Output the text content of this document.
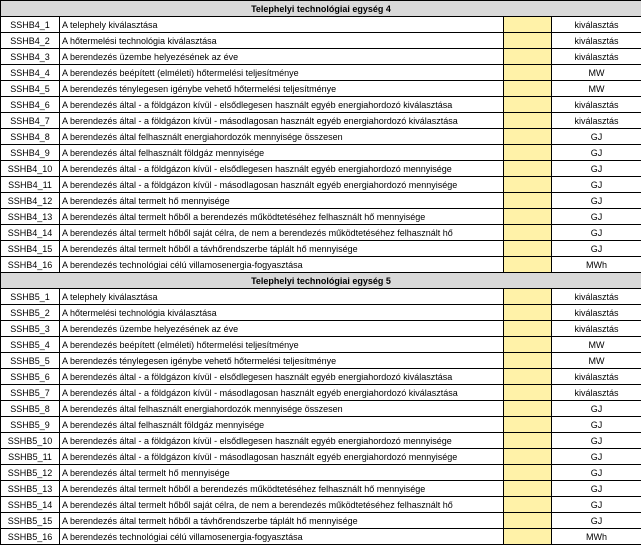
Telephelyi technológiai egység 4			
SSHB4_1	A telephely kiválasztása		kiválasztás
SSHB4_2	A hőtermelési technológia kiválasztása		kiválasztás
SSHB4_3	A berendezés üzembe helyezésének az éve		kiválasztás
SSHB4_4	A berendezés beépített (elméleti) hőtermelési teljesítménye		MW
SSHB4_5	A berendezés ténylegesen igénybe vehető hőtermelési teljesítménye		MW
SSHB4_6	A berendezés által - a földgázon kívül - elsődlegesen használt egyéb energiahordozó kiválasztása		kiválasztás
SSHB4_7	A berendezés által - a földgázon kívül - másodlagosan használt egyéb energiahordozó kiválasztása		kiválasztás
SSHB4_8	A berendezés által felhasznált energiahordozók mennyisége összesen		GJ
SSHB4_9	A berendezés által felhasznált földgáz mennyisége		GJ
SSHB4_10	A berendezés által - a földgázon kívül - elsődlegesen használt egyéb energiahordozó mennyisége		GJ
SSHB4_11	A berendezés által - a földgázon kívül - másodlagosan használt egyéb energiahordozó mennyisége		GJ
SSHB4_12	A berendezés által termelt hő mennyisége		GJ
SSHB4_13	A berendezés által termelt hőből a berendezés működtetéséhez felhasznált hő mennyisége		GJ
SSHB4_14	A berendezés által termelt hőből saját célra, de nem a berendezés működtetéséhez felhasznált hő		GJ
SSHB4_15	A berendezés által termelt hőből a távhőrendszerbe táplált hő mennyisége		GJ
SSHB4_16	A berendezés technológiai célú villamosenergia-fogyasztása		MWh
Telephelyi technológiai egység 5			
SSHB5_1	A telephely kiválasztása		kiválasztás
SSHB5_2	A hőtermelési technológia kiválasztása		kiválasztás
SSHB5_3	A berendezés üzembe helyezésének az éve		kiválasztás
SSHB5_4	A berendezés beépített (elméleti) hőtermelési teljesítménye		MW
SSHB5_5	A berendezés ténylegesen igénybe vehető hőtermelési teljesítménye		MW
SSHB5_6	A berendezés által - a földgázon kívül - elsődlegesen használt egyéb energiahordozó kiválasztása		kiválasztás
SSHB5_7	A berendezés által - a földgázon kívül - másodlagosan használt egyéb energiahordozó kiválasztása		kiválasztás
SSHB5_8	A berendezés által felhasznált energiahordozók mennyisége összesen		GJ
SSHB5_9	A berendezés által felhasznált földgáz mennyisége		GJ
SSHB5_10	A berendezés által - a földgázon kívül - elsődlegesen használt egyéb energiahordozó mennyisége		GJ
SSHB5_11	A berendezés által - a földgázon kívül - másodlagosan használt egyéb energiahordozó mennyisége		GJ
SSHB5_12	A berendezés által termelt hő mennyisége		GJ
SSHB5_13	A berendezés által termelt hőből a berendezés működtetéséhez felhasznált hő mennyisége		GJ
SSHB5_14	A berendezés által termelt hőből saját célra, de nem a berendezés működtetéséhez felhasznált hő		GJ
SSHB5_15	A berendezés által termelt hőből a távhőrendszerbe táplált hő mennyisége		GJ
SSHB5_16	A berendezés technológiai célú villamosenergia-fogyasztása		MWh
